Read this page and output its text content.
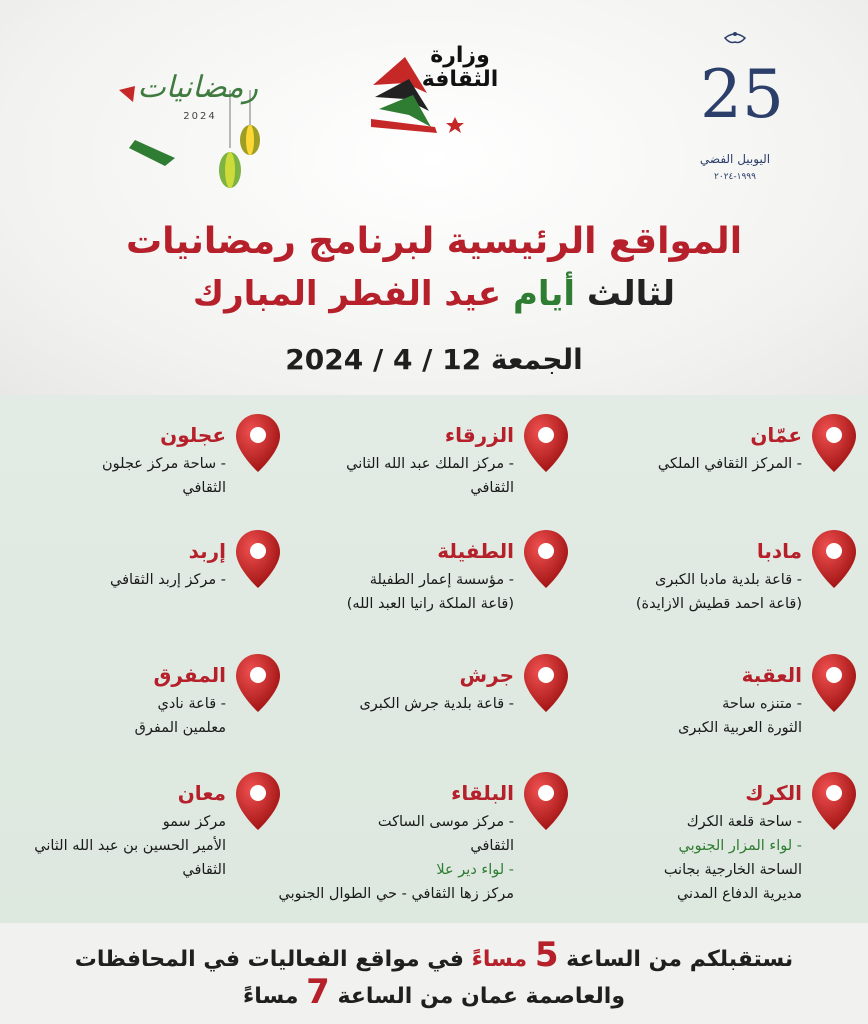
رمضانيات
2024
وزارة
الثقافة	25
اليوبيل الفضي
١٩٩٩-٢٠٢٤
المواقع الرئيسية لبرنامج رمضانيات
لثالث أيام عيد الفطر المبارك
الجمعة 12 / 4 / 2024
عمّان
- المركز الثقافي الملكي
الزرقاء
- مركز الملك عبد الله الثاني
الثقافي
عجلون
- ساحة مركز عجلون
الثقافي
مادبا
- قاعة بلدية مادبا الكبرى
(قاعة احمد قطيش الازايدة)
الطفيلة
- مؤسسة إعمار الطفيلة
(قاعة الملكة رانيا العبد الله)
إربد
- مركز إربد الثقافي
العقبة
- متنزه ساحة
الثورة العربية الكبرى
جرش
- قاعة بلدية جرش الكبرى
المفرق
- قاعة نادي
معلمين المفرق
الكرك
- ساحة قلعة الكرك
- لواء المزار الجنوبي
الساحة الخارجية بجانب
مديرية الدفاع المدني
البلقاء
- مركز موسى الساكت
الثقافي
- لواء دير علا
مركز زها الثقافي - حي الطوال الجنوبي
معان
مركز سمو
الأمير الحسين بن عبد الله الثاني
الثقافي
نستقبلكم من الساعة 5 مساءً في مواقع الفعاليات في المحافظات
والعاصمة عمان من الساعة 7 مساءً
